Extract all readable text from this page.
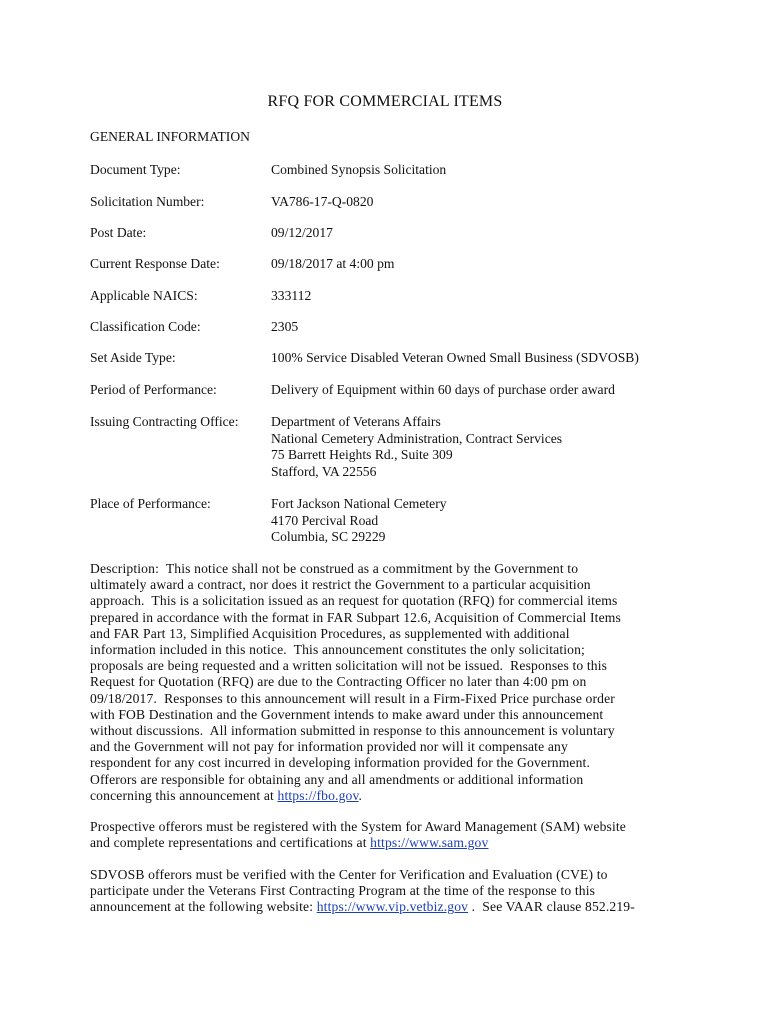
RFQ FOR COMMERCIAL ITEMS
GENERAL INFORMATION
Document Type:	Combined Synopsis Solicitation
Solicitation Number:	VA786-17-Q-0820
Post Date:	09/12/2017
Current Response Date:	09/18/2017 at 4:00 pm
Applicable NAICS:	333112
Classification Code:	2305
Set Aside Type:	100% Service Disabled Veteran Owned Small Business (SDVOSB)
Period of Performance:	Delivery of Equipment within 60 days of purchase order award
Issuing Contracting Office:	Department of Veterans Affairs
National Cemetery Administration, Contract Services
75 Barrett Heights Rd., Suite 309
Stafford, VA 22556
Place of Performance:	Fort Jackson National Cemetery
4170 Percival Road
Columbia, SC 29229
Description:  This notice shall not be construed as a commitment by the Government to
ultimately award a contract, nor does it restrict the Government to a particular acquisition
approach.  This is a solicitation issued as an request for quotation (RFQ) for commercial items
prepared in accordance with the format in FAR Subpart 12.6, Acquisition of Commercial Items
and FAR Part 13, Simplified Acquisition Procedures, as supplemented with additional
information included in this notice.  This announcement constitutes the only solicitation;
proposals are being requested and a written solicitation will not be issued.  Responses to this
Request for Quotation (RFQ) are due to the Contracting Officer no later than 4:00 pm on
09/18/2017.  Responses to this announcement will result in a Firm-Fixed Price purchase order
with FOB Destination and the Government intends to make award under this announcement
without discussions.  All information submitted in response to this announcement is voluntary
and the Government will not pay for information provided nor will it compensate any
respondent for any cost incurred in developing information provided for the Government.
Offerors are responsible for obtaining any and all amendments or additional information
concerning this announcement at https://fbo.gov.
Prospective offerors must be registered with the System for Award Management (SAM) website
and complete representations and certifications at https://www.sam.gov
SDVOSB offerors must be verified with the Center for Verification and Evaluation (CVE) to
participate under the Veterans First Contracting Program at the time of the response to this
announcement at the following website: https://www.vip.vetbiz.gov .  See VAAR clause 852.219-
